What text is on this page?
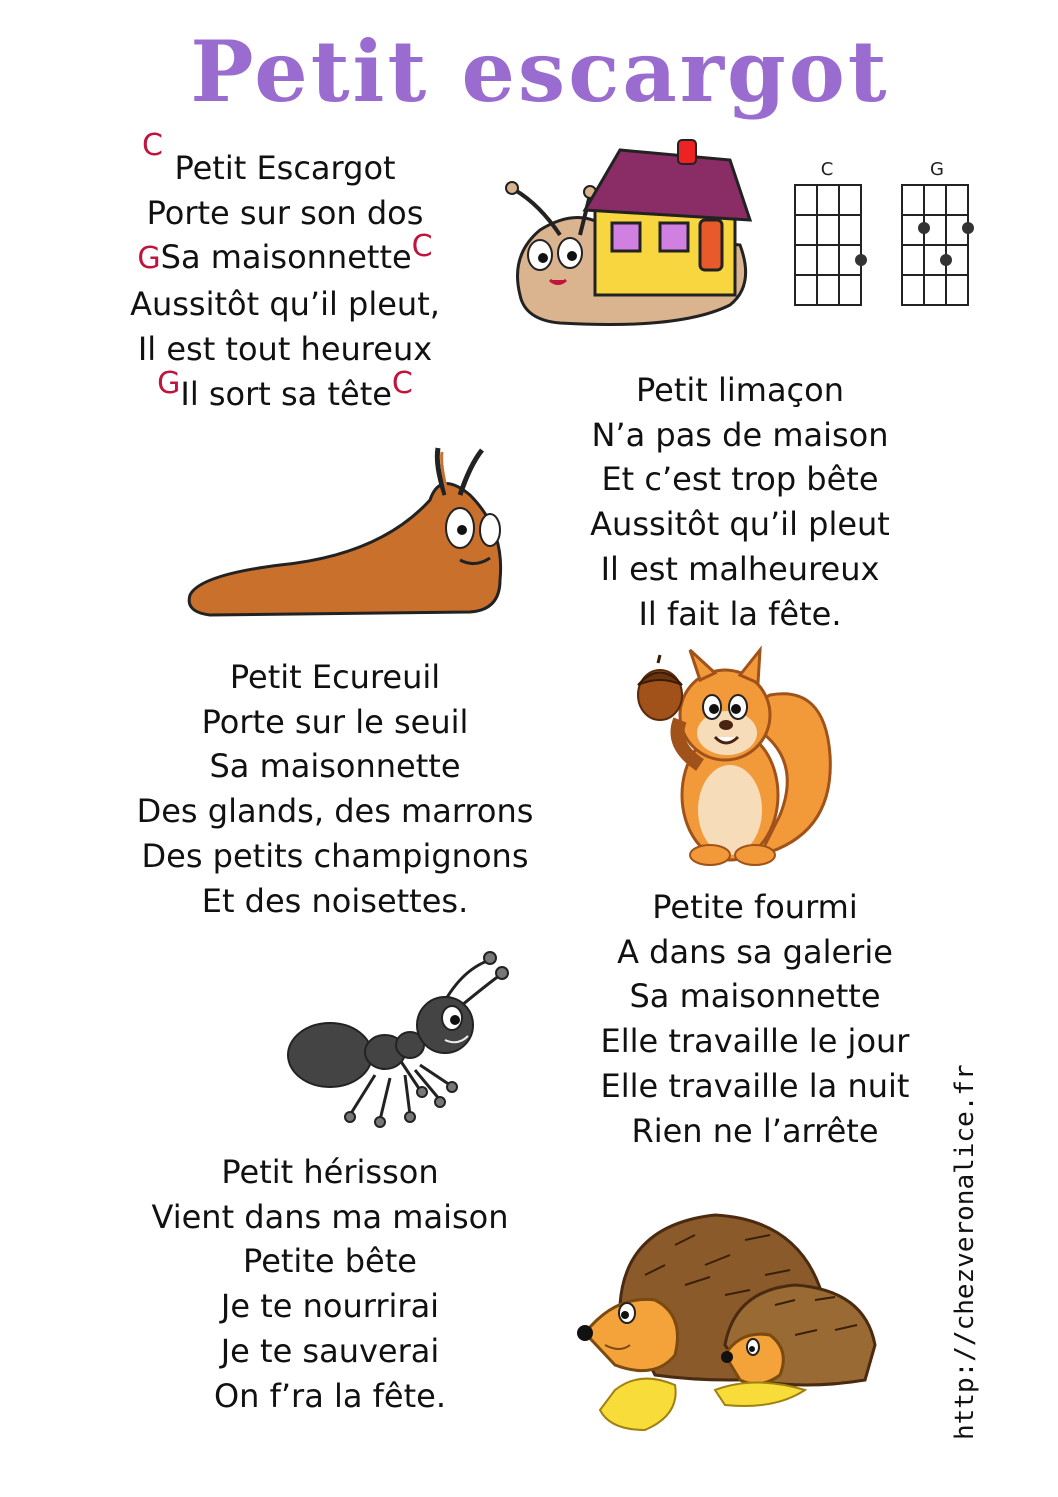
Petit escargot
C
Petit Escargot
Porte sur son dos
GSa maisonnetteC
Aussitôt qu’il pleut,
Il est tout heureux
GIl sort sa têteC	Petit limaçon
N’a pas de maison
Et c’est trop bête
Aussitôt qu’il pleut
Il est malheureux
Il fait la fête.
Petit Ecureuil
Porte sur le seuil
Sa maisonnette
Des glands, des marrons
Des petits champignons
Et des noisettes.	Petite fourmi
A dans sa galerie
Sa maisonnette
Elle travaille le jour
Elle travaille la nuit
Rien ne l’arrête
Petit hérisson
Vient dans ma maison
Petite bête
Je te nourrirai
Je te sauverai
On f’ra la fête.
C	G
http://chezveronalice.fr
